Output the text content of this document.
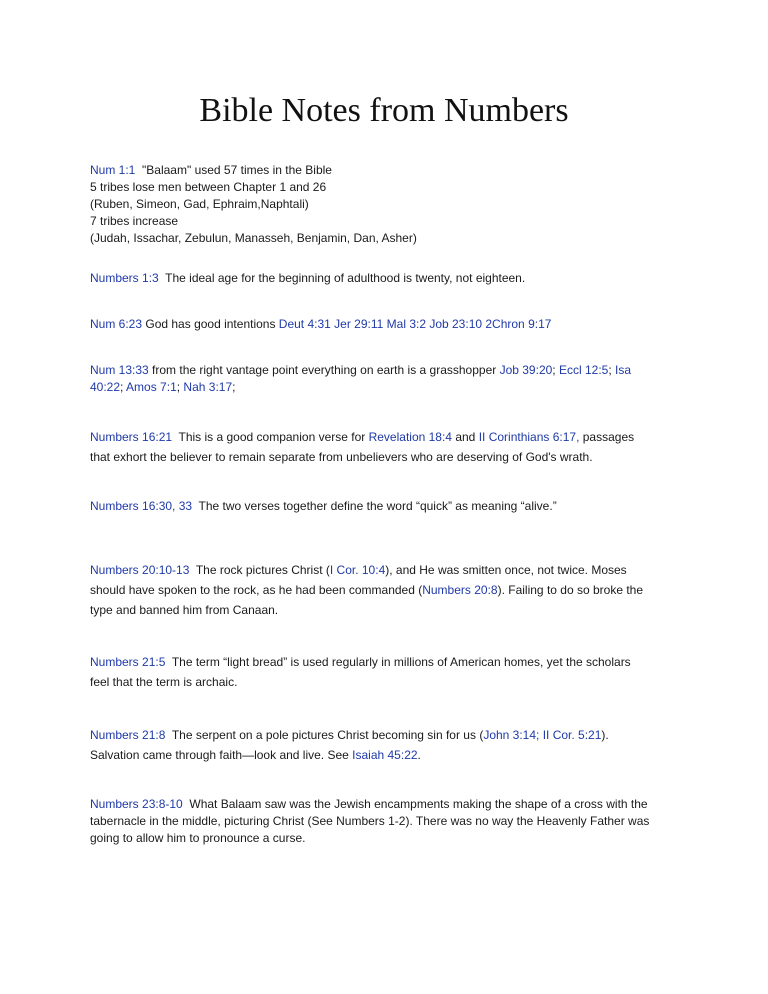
Bible Notes from Numbers
Num 1:1  "Balaam" used 57 times in the Bible
5 tribes lose men between Chapter 1 and 26
(Ruben, Simeon, Gad, Ephraim,Naphtali)
7 tribes increase
(Judah, Issachar, Zebulun, Manasseh, Benjamin, Dan, Asher)
Numbers 1:3  The ideal age for the beginning of adulthood is twenty, not eighteen.
Num 6:23 God has good intentions Deut 4:31 Jer 29:11 Mal 3:2 Job 23:10 2Chron 9:17
Num 13:33 from the right vantage point everything on earth is a grasshopper Job 39:20; Eccl 12:5; Isa
40:22; Amos 7:1; Nah 3:17;
Numbers 16:21  This is a good companion verse for Revelation 18:4 and II Corinthians 6:17, passages
that exhort the believer to remain separate from unbelievers who are deserving of God's wrath.
Numbers 16:30, 33  The two verses together define the word “quick” as meaning “alive.”
Numbers 20:10-13  The rock pictures Christ (I Cor. 10:4), and He was smitten once, not twice. Moses
should have spoken to the rock, as he had been commanded (Numbers 20:8). Failing to do so broke the
type and banned him from Canaan.
Numbers 21:5  The term “light bread” is used regularly in millions of American homes, yet the scholars
feel that the term is archaic.
Numbers 21:8  The serpent on a pole pictures Christ becoming sin for us (John 3:14; II Cor. 5:21).
Salvation came through faith—look and live. See Isaiah 45:22.
Numbers 23:8-10  What Balaam saw was the Jewish encampments making the shape of a cross with the
tabernacle in the middle, picturing Christ (See Numbers 1-2). There was no way the Heavenly Father was
going to allow him to pronounce a curse.
